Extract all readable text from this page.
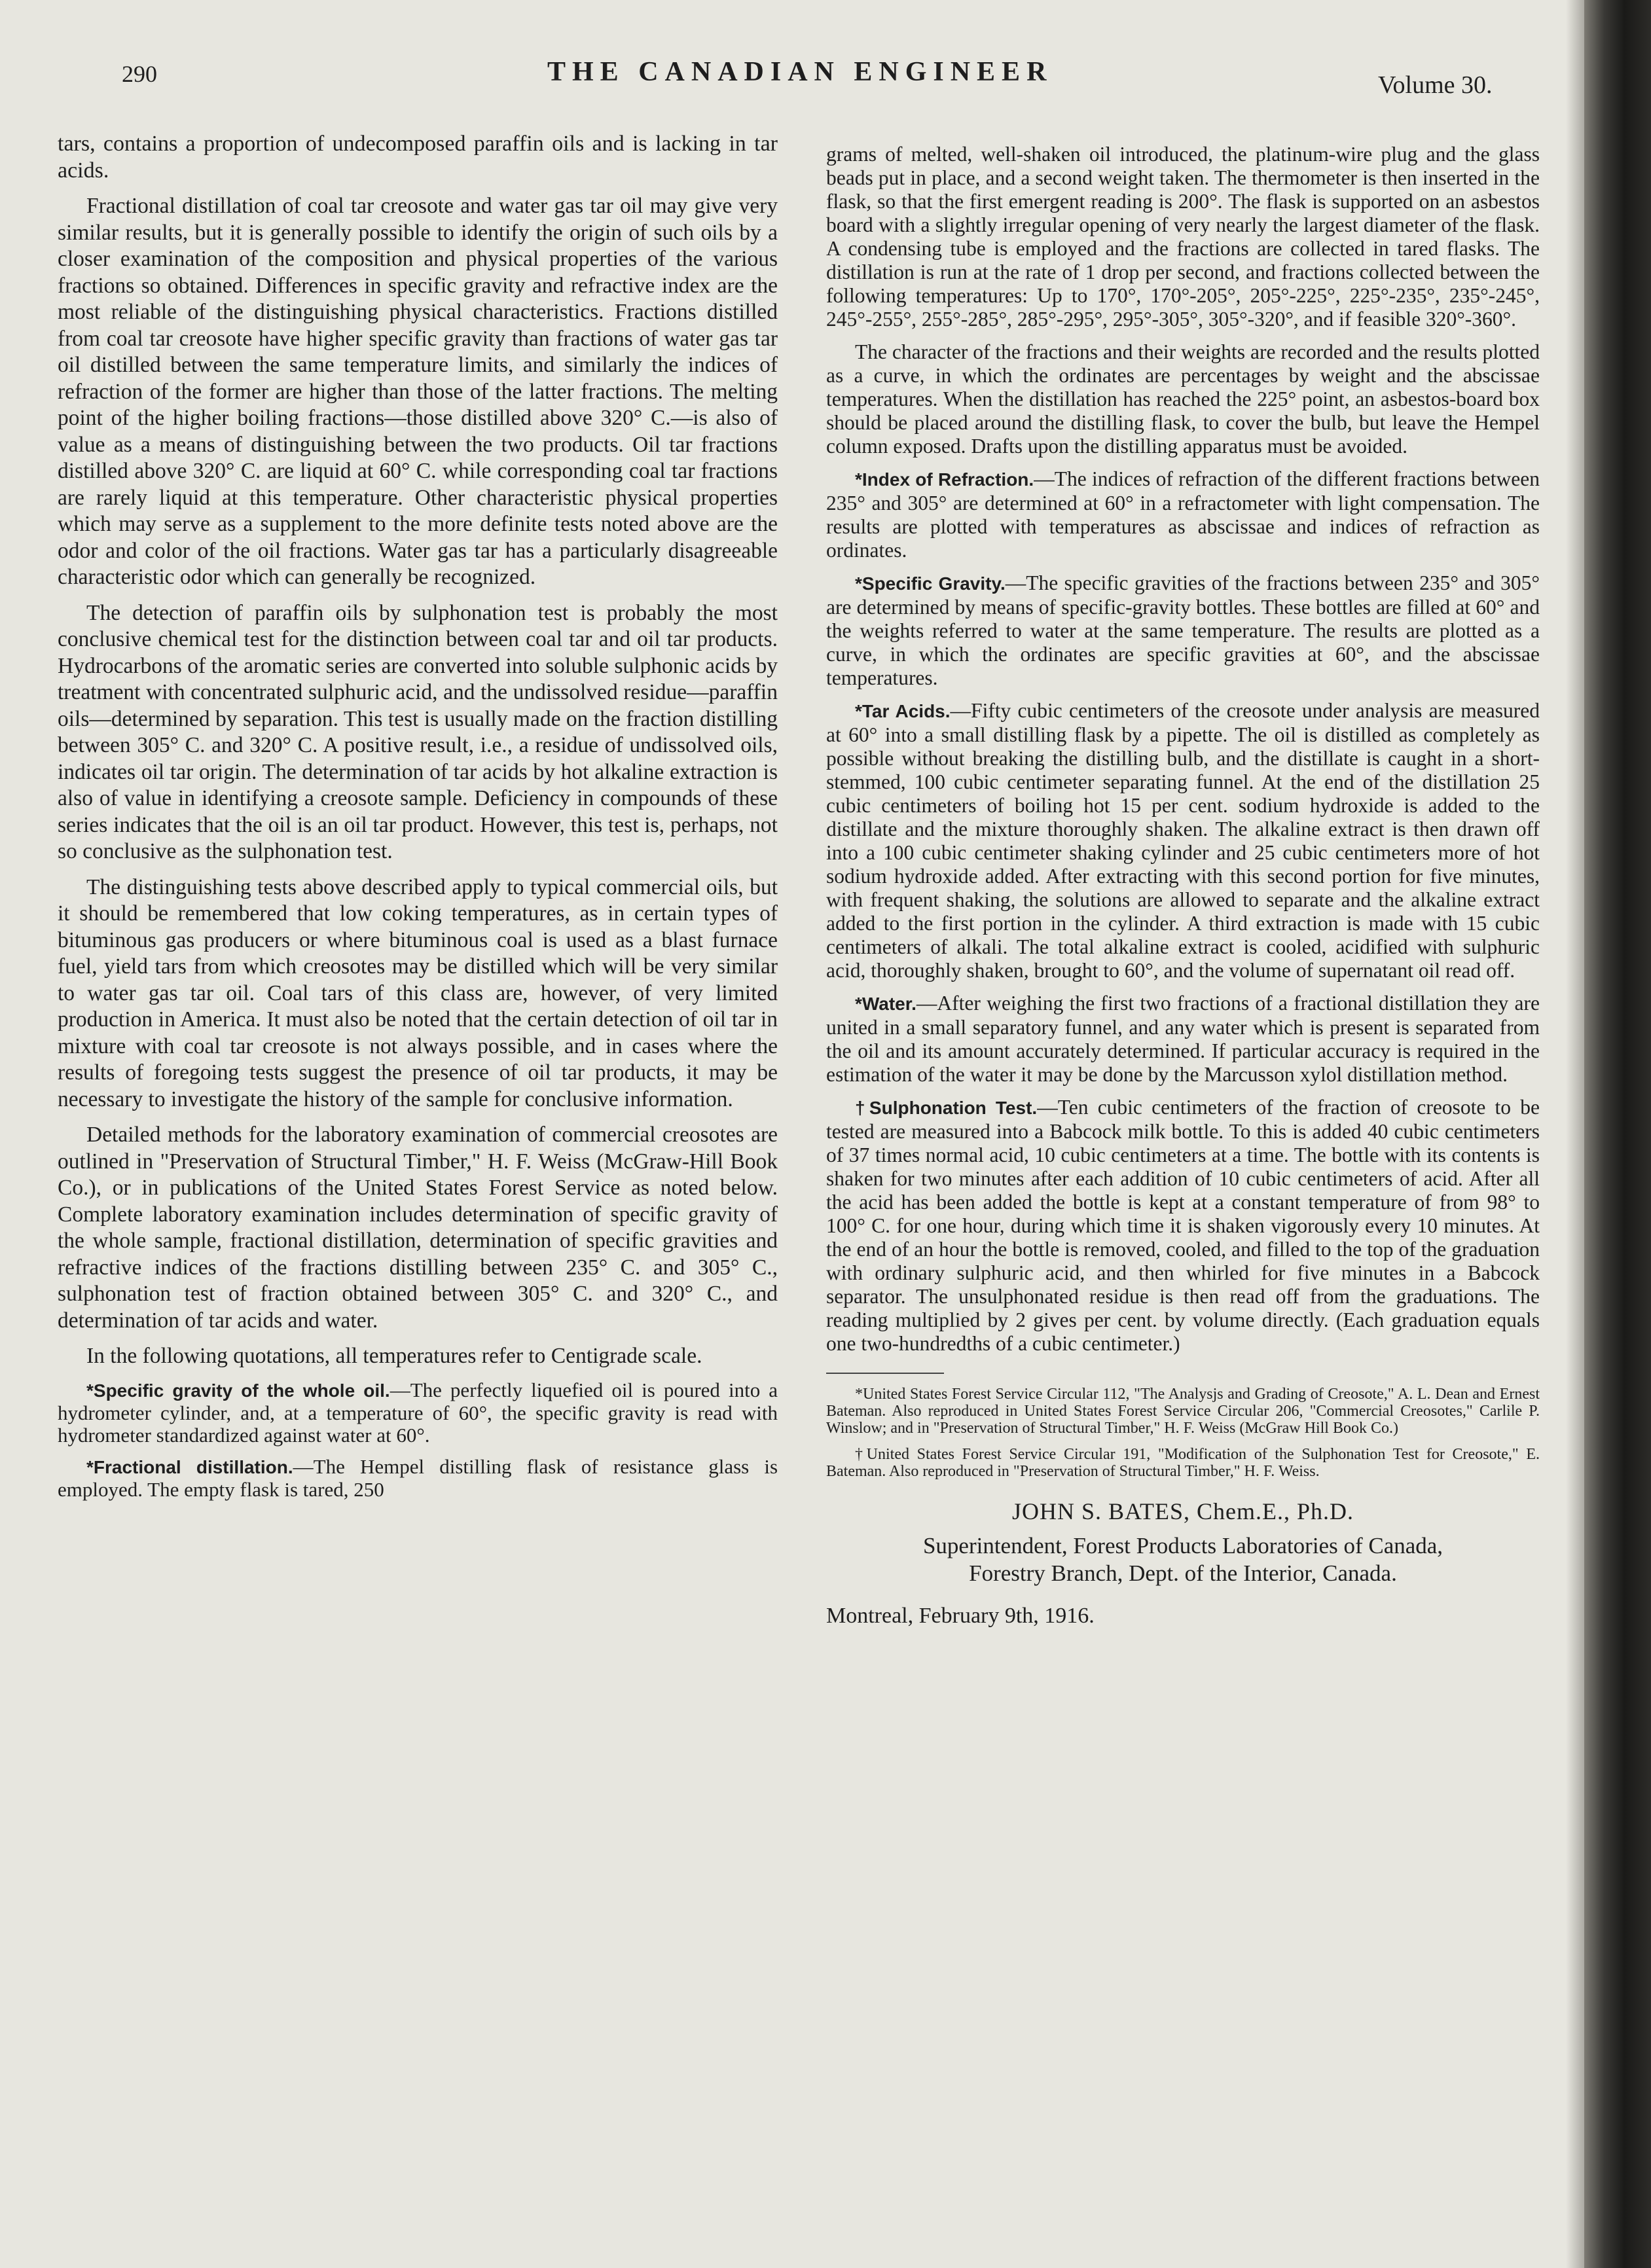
290	THE CANADIAN ENGINEER	Volume 30.

tars, contains a proportion of undecomposed paraffin oils and is lacking in tar acids.

Fractional distillation of coal tar creosote and water gas tar oil may give very similar results, but it is generally possible to identify the origin of such oils by a closer examination of the composition and physical properties of the various fractions so obtained. Differences in specific gravity and refractive index are the most reliable of the distinguishing physical characteristics. Fractions distilled from coal tar creosote have higher specific gravity than fractions of water gas tar oil distilled between the same temperature limits, and similarly the indices of refraction of the former are higher than those of the latter fractions. The melting point of the higher boiling fractions—those distilled above 320° C.—is also of value as a means of distinguishing between the two products. Oil tar fractions distilled above 320° C. are liquid at 60° C. while corresponding coal tar fractions are rarely liquid at this temperature. Other characteristic physical properties which may serve as a supplement to the more definite tests noted above are the odor and color of the oil fractions. Water gas tar has a particularly disagreeable characteristic odor which can generally be recognized.

The detection of paraffin oils by sulphonation test is probably the most conclusive chemical test for the distinction between coal tar and oil tar products. Hydrocarbons of the aromatic series are converted into soluble sulphonic acids by treatment with concentrated sulphuric acid, and the undissolved residue—paraffin oils—determined by separation. This test is usually made on the fraction distilling between 305° C. and 320° C. A positive result, i.e., a residue of undissolved oils, indicates oil tar origin. The determination of tar acids by hot alkaline extraction is also of value in identifying a creosote sample. Deficiency in compounds of these series indicates that the oil is an oil tar product. However, this test is, perhaps, not so conclusive as the sulphonation test.

The distinguishing tests above described apply to typical commercial oils, but it should be remembered that low coking temperatures, as in certain types of bituminous gas producers or where bituminous coal is used as a blast furnace fuel, yield tars from which creosotes may be distilled which will be very similar to water gas tar oil. Coal tars of this class are, however, of very limited production in America. It must also be noted that the certain detection of oil tar in mixture with coal tar creosote is not always possible, and in cases where the results of foregoing tests suggest the presence of oil tar products, it may be necessary to investigate the history of the sample for conclusive information.

Detailed methods for the laboratory examination of commercial creosotes are outlined in "Preservation of Structural Timber," H. F. Weiss (McGraw-Hill Book Co.), or in publications of the United States Forest Service as noted below. Complete laboratory examination includes determination of specific gravity of the whole sample, fractional distillation, determination of specific gravities and refractive indices of the fractions distilling between 235° C. and 305° C., sulphonation test of fraction obtained between 305° C. and 320° C., and determination of tar acids and water.

In the following quotations, all temperatures refer to Centigrade scale.

*Specific gravity of the whole oil.—The perfectly liquefied oil is poured into a hydrometer cylinder, and, at a temperature of 60°, the specific gravity is read with hydrometer standardized against water at 60°.

*Fractional distillation.—The Hempel distilling flask of resistance glass is employed. The empty flask is tared, 250

grams of melted, well-shaken oil introduced, the platinum-wire plug and the glass beads put in place, and a second weight taken. The thermometer is then inserted in the flask, so that the first emergent reading is 200°. The flask is supported on an asbestos board with a slightly irregular opening of very nearly the largest diameter of the flask. A condensing tube is employed and the fractions are collected in tared flasks. The distillation is run at the rate of 1 drop per second, and fractions collected between the following temperatures: Up to 170°, 170°-205°, 205°-225°, 225°-235°, 235°-245°, 245°-255°, 255°-285°, 285°-295°, 295°-305°, 305°-320°, and if feasible 320°-360°.

The character of the fractions and their weights are recorded and the results plotted as a curve, in which the ordinates are percentages by weight and the abscissae temperatures. When the distillation has reached the 225° point, an asbestos-board box should be placed around the distilling flask, to cover the bulb, but leave the Hempel column exposed. Drafts upon the distilling apparatus must be avoided.

*Index of Refraction.—The indices of refraction of the different fractions between 235° and 305° are determined at 60° in a refractometer with light compensation. The results are plotted with temperatures as abscissae and indices of refraction as ordinates.

*Specific Gravity.—The specific gravities of the fractions between 235° and 305° are determined by means of specific-gravity bottles. These bottles are filled at 60° and the weights referred to water at the same temperature. The results are plotted as a curve, in which the ordinates are specific gravities at 60°, and the abscissae temperatures.

*Tar Acids.—Fifty cubic centimeters of the creosote under analysis are measured at 60° into a small distilling flask by a pipette. The oil is distilled as completely as possible without breaking the distilling bulb, and the distillate is caught in a short-stemmed, 100 cubic centimeter separating funnel. At the end of the distillation 25 cubic centimeters of boiling hot 15 per cent. sodium hydroxide is added to the distillate and the mixture thoroughly shaken. The alkaline extract is then drawn off into a 100 cubic centimeter shaking cylinder and 25 cubic centimeters more of hot sodium hydroxide added. After extracting with this second portion for five minutes, with frequent shaking, the solutions are allowed to separate and the alkaline extract added to the first portion in the cylinder. A third extraction is made with 15 cubic centimeters of alkali. The total alkaline extract is cooled, acidified with sulphuric acid, thoroughly shaken, brought to 60°, and the volume of supernatant oil read off.

*Water.—After weighing the first two fractions of a fractional distillation they are united in a small separatory funnel, and any water which is present is separated from the oil and its amount accurately determined. If particular accuracy is required in the estimation of the water it may be done by the Marcusson xylol distillation method.

†Sulphonation Test.—Ten cubic centimeters of the fraction of creosote to be tested are measured into a Babcock milk bottle. To this is added 40 cubic centimeters of 37 times normal acid, 10 cubic centimeters at a time. The bottle with its contents is shaken for two minutes after each addition of 10 cubic centimeters of acid. After all the acid has been added the bottle is kept at a constant temperature of from 98° to 100° C. for one hour, during which time it is shaken vigorously every 10 minutes. At the end of an hour the bottle is removed, cooled, and filled to the top of the graduation with ordinary sulphuric acid, and then whirled for five minutes in a Babcock separator. The unsulphonated residue is then read off from the graduations. The reading multiplied by 2 gives per cent. by volume directly. (Each graduation equals one two-hundredths of a cubic centimeter.)

*United States Forest Service Circular 112, "The Analysjs and Grading of Creosote," A. L. Dean and Ernest Bateman. Also reproduced in United States Forest Service Circular 206, "Commercial Creosotes," Carlile P. Winslow; and in "Preservation of Structural Timber," H. F. Weiss (McGraw Hill Book Co.)

†United States Forest Service Circular 191, "Modification of the Sulphonation Test for Creosote," E. Bateman. Also reproduced in "Preservation of Structural Timber," H. F. Weiss.

JOHN S. BATES, Chem.E., Ph.D.
Superintendent, Forest Products Laboratories of Canada,
Forestry Branch, Dept. of the Interior, Canada.
Montreal, February 9th, 1916.
